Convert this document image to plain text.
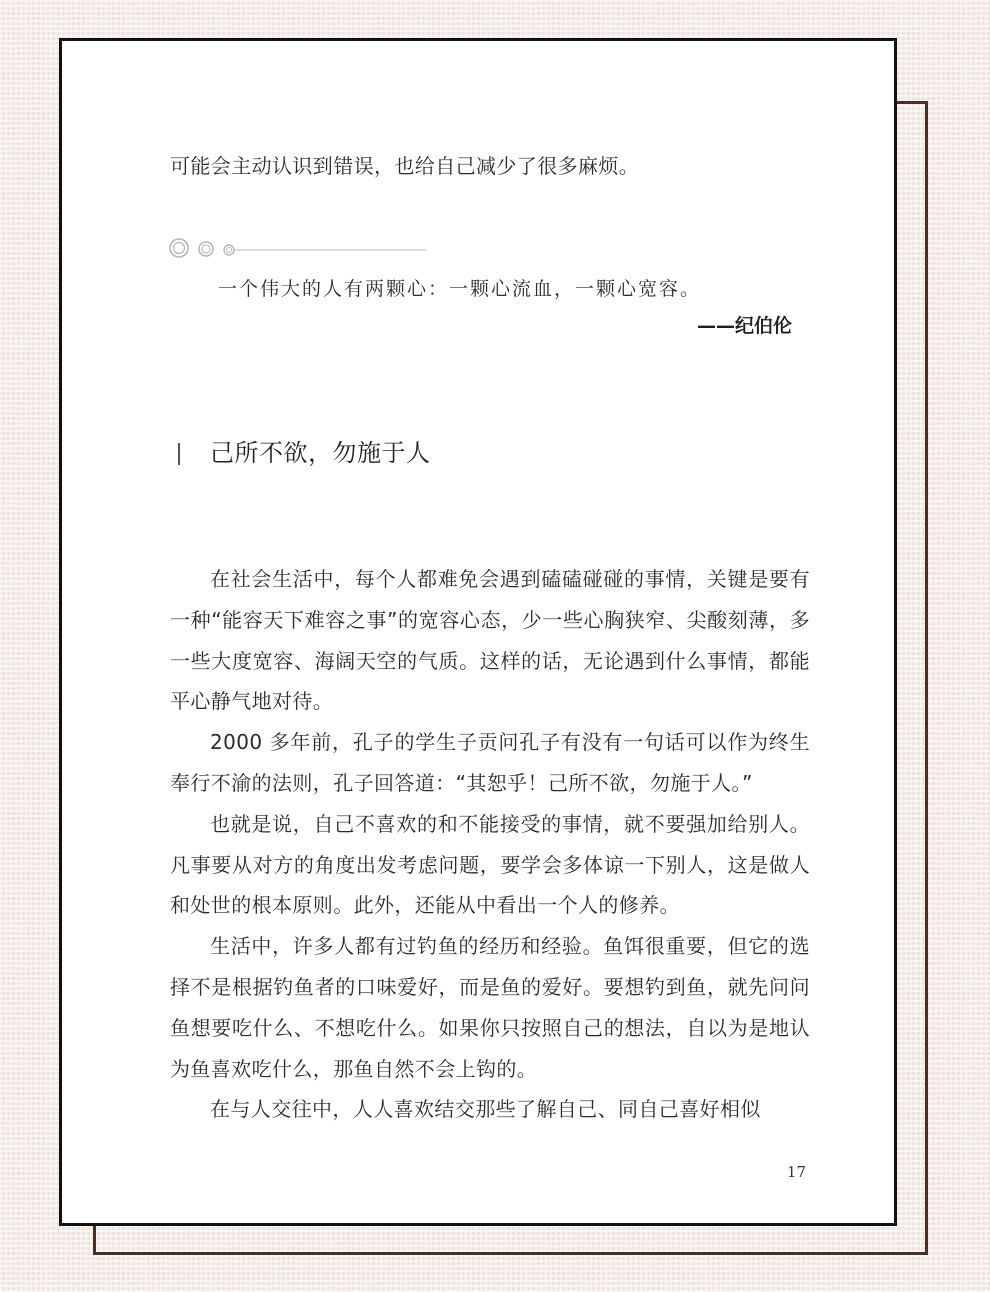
可能会主动认识到错误，也给自己减少了很多麻烦。

一个伟大的人有两颗心：一颗心流血，一颗心宽容。

——纪伯伦

己所不欲，勿施于人

在社会生活中，每个人都难免会遇到磕磕碰碰的事情，关键是要有一种“能容天下难容之事”的宽容心态，少一些心胸狭窄、尖酸刻薄，多一些大度宽容、海阔天空的气质。这样的话，无论遇到什么事情，都能平心静气地对待。

2000 多年前，孔子的学生子贡问孔子有没有一句话可以作为终生奉行不渝的法则，孔子回答道：“其恕乎！己所不欲，勿施于人。”

也就是说，自己不喜欢的和不能接受的事情，就不要强加给别人。凡事要从对方的角度出发考虑问题，要学会多体谅一下别人，这是做人和处世的根本原则。此外，还能从中看出一个人的修养。

生活中，许多人都有过钓鱼的经历和经验。鱼饵很重要，但它的选择不是根据钓鱼者的口味爱好，而是鱼的爱好。要想钓到鱼，就先问问鱼想要吃什么、不想吃什么。如果你只按照自己的想法，自以为是地认为鱼喜欢吃什么，那鱼自然不会上钩的。

在与人交往中，人人喜欢结交那些了解自己、同自己喜好相似

17
